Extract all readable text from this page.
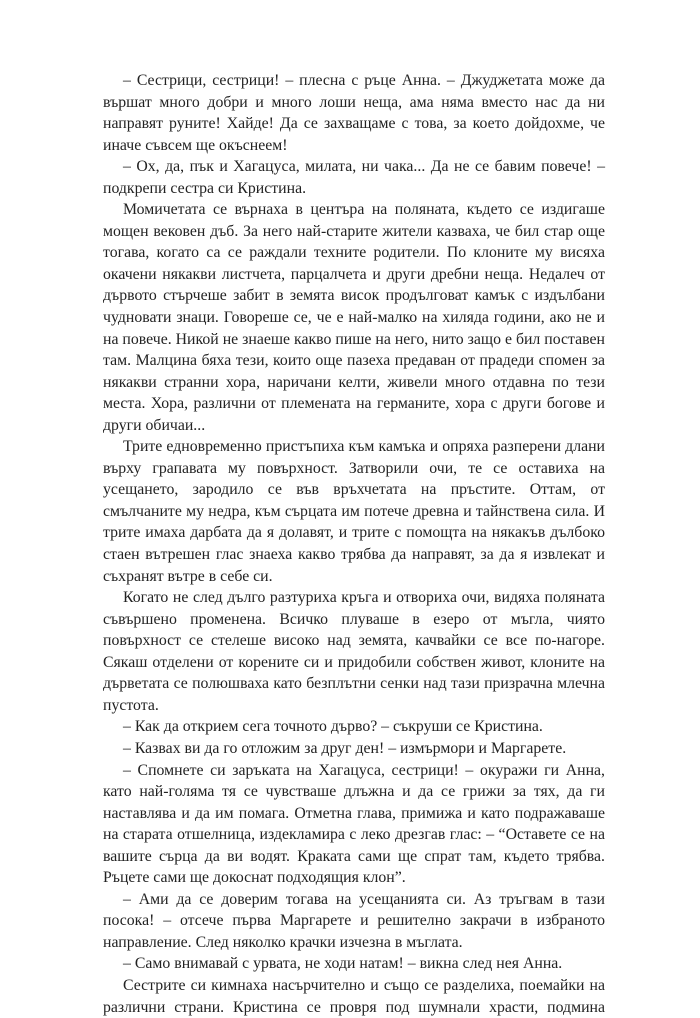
– Сестрици, сестрици! – плесна с ръце Анна. – Джуджетата може да вършат много добри и много лоши неща, ама няма вместо нас да ни направят руните! Хайде! Да се захващаме с това, за което дойдохме, че иначе съвсем ще окъснеем!

– Ох, да, пък и Хагацуса, милата, ни чака... Да не се бавим повече! – подкрепи сестра си Кристина.

Момичетата се върнаха в центъра на поляната, където се издигаше мощен вековен дъб. За него най-старите жители казваха, че бил стар още тогава, когато са се раждали техните родители. По клоните му висяха окачени някакви листчета, парцалчета и други дребни неща. Недалеч от дървото стърчеше забит в земята висок продълговат камък с издълбани чудновати знаци. Говореше се, че е най-малко на хиляда години, ако не и на повече. Никой не знаеше какво пише на него, нито защо е бил поставен там. Малцина бяха тези, които още пазеха предаван от прадеди спомен за някакви странни хора, наричани келти, живели много отдавна по тези места. Хора, различни от племената на германите, хора с други богове и други обичаи...

Трите едновременно пристъпиха към камъка и опряха разперени длани върху грапавата му повърхност. Затворили очи, те се оставиха на усещането, зародило се във връхчетата на пръстите. Оттам, от смълчаните му недра, към сърцата им потече древна и тайнствена сила. И трите имаха дарбата да я долавят, и трите с помощта на някакъв дълбоко стаен вътрешен глас знаеха какво трябва да направят, за да я извлекат и съхранят вътре в себе си.

Когато не след дълго разтуриха кръга и отвориха очи, видяха поляната съвършено променена. Всичко плуваше в езеро от мъгла, чиято повърхност се стелеше високо над земята, качвайки се все по-нагоре. Сякаш отделени от корените си и придобили собствен живот, клоните на дърветата се полюшваха като безплътни сенки над тази призрачна млечна пустота.

– Как да открием сега точното дърво? – съкруши се Кристина.

– Казвах ви да го отложим за друг ден! – измърмори и Маргарете.

– Спомнете си заръката на Хагацуса, сестрици! – окуражи ги Анна, като най-голяма тя се чувстваше длъжна и да се грижи за тях, да ги наставлява и да им помага. Отметна глава, примижа и като подражаваше на старата отшелница, издекламира с леко дрезгав глас: – “Оставете се на вашите сърца да ви водят. Краката сами ще спрат там, където трябва. Ръцете сами ще докоснат подходящия клон”.

– Ами да се доверим тогава на усещанията си. Аз тръгвам в тази посока! – отсече първа Маргарете и решително закрачи в избраното направление. След няколко крачки изчезна в мъглата.

– Само внимавай с урвата, не ходи натам! – викна след нея Анна.

Сестрите си кимнаха насърчително и също се разделиха, поемайки на различни страни. Кристина се провря под шумнали храсти, подмина
